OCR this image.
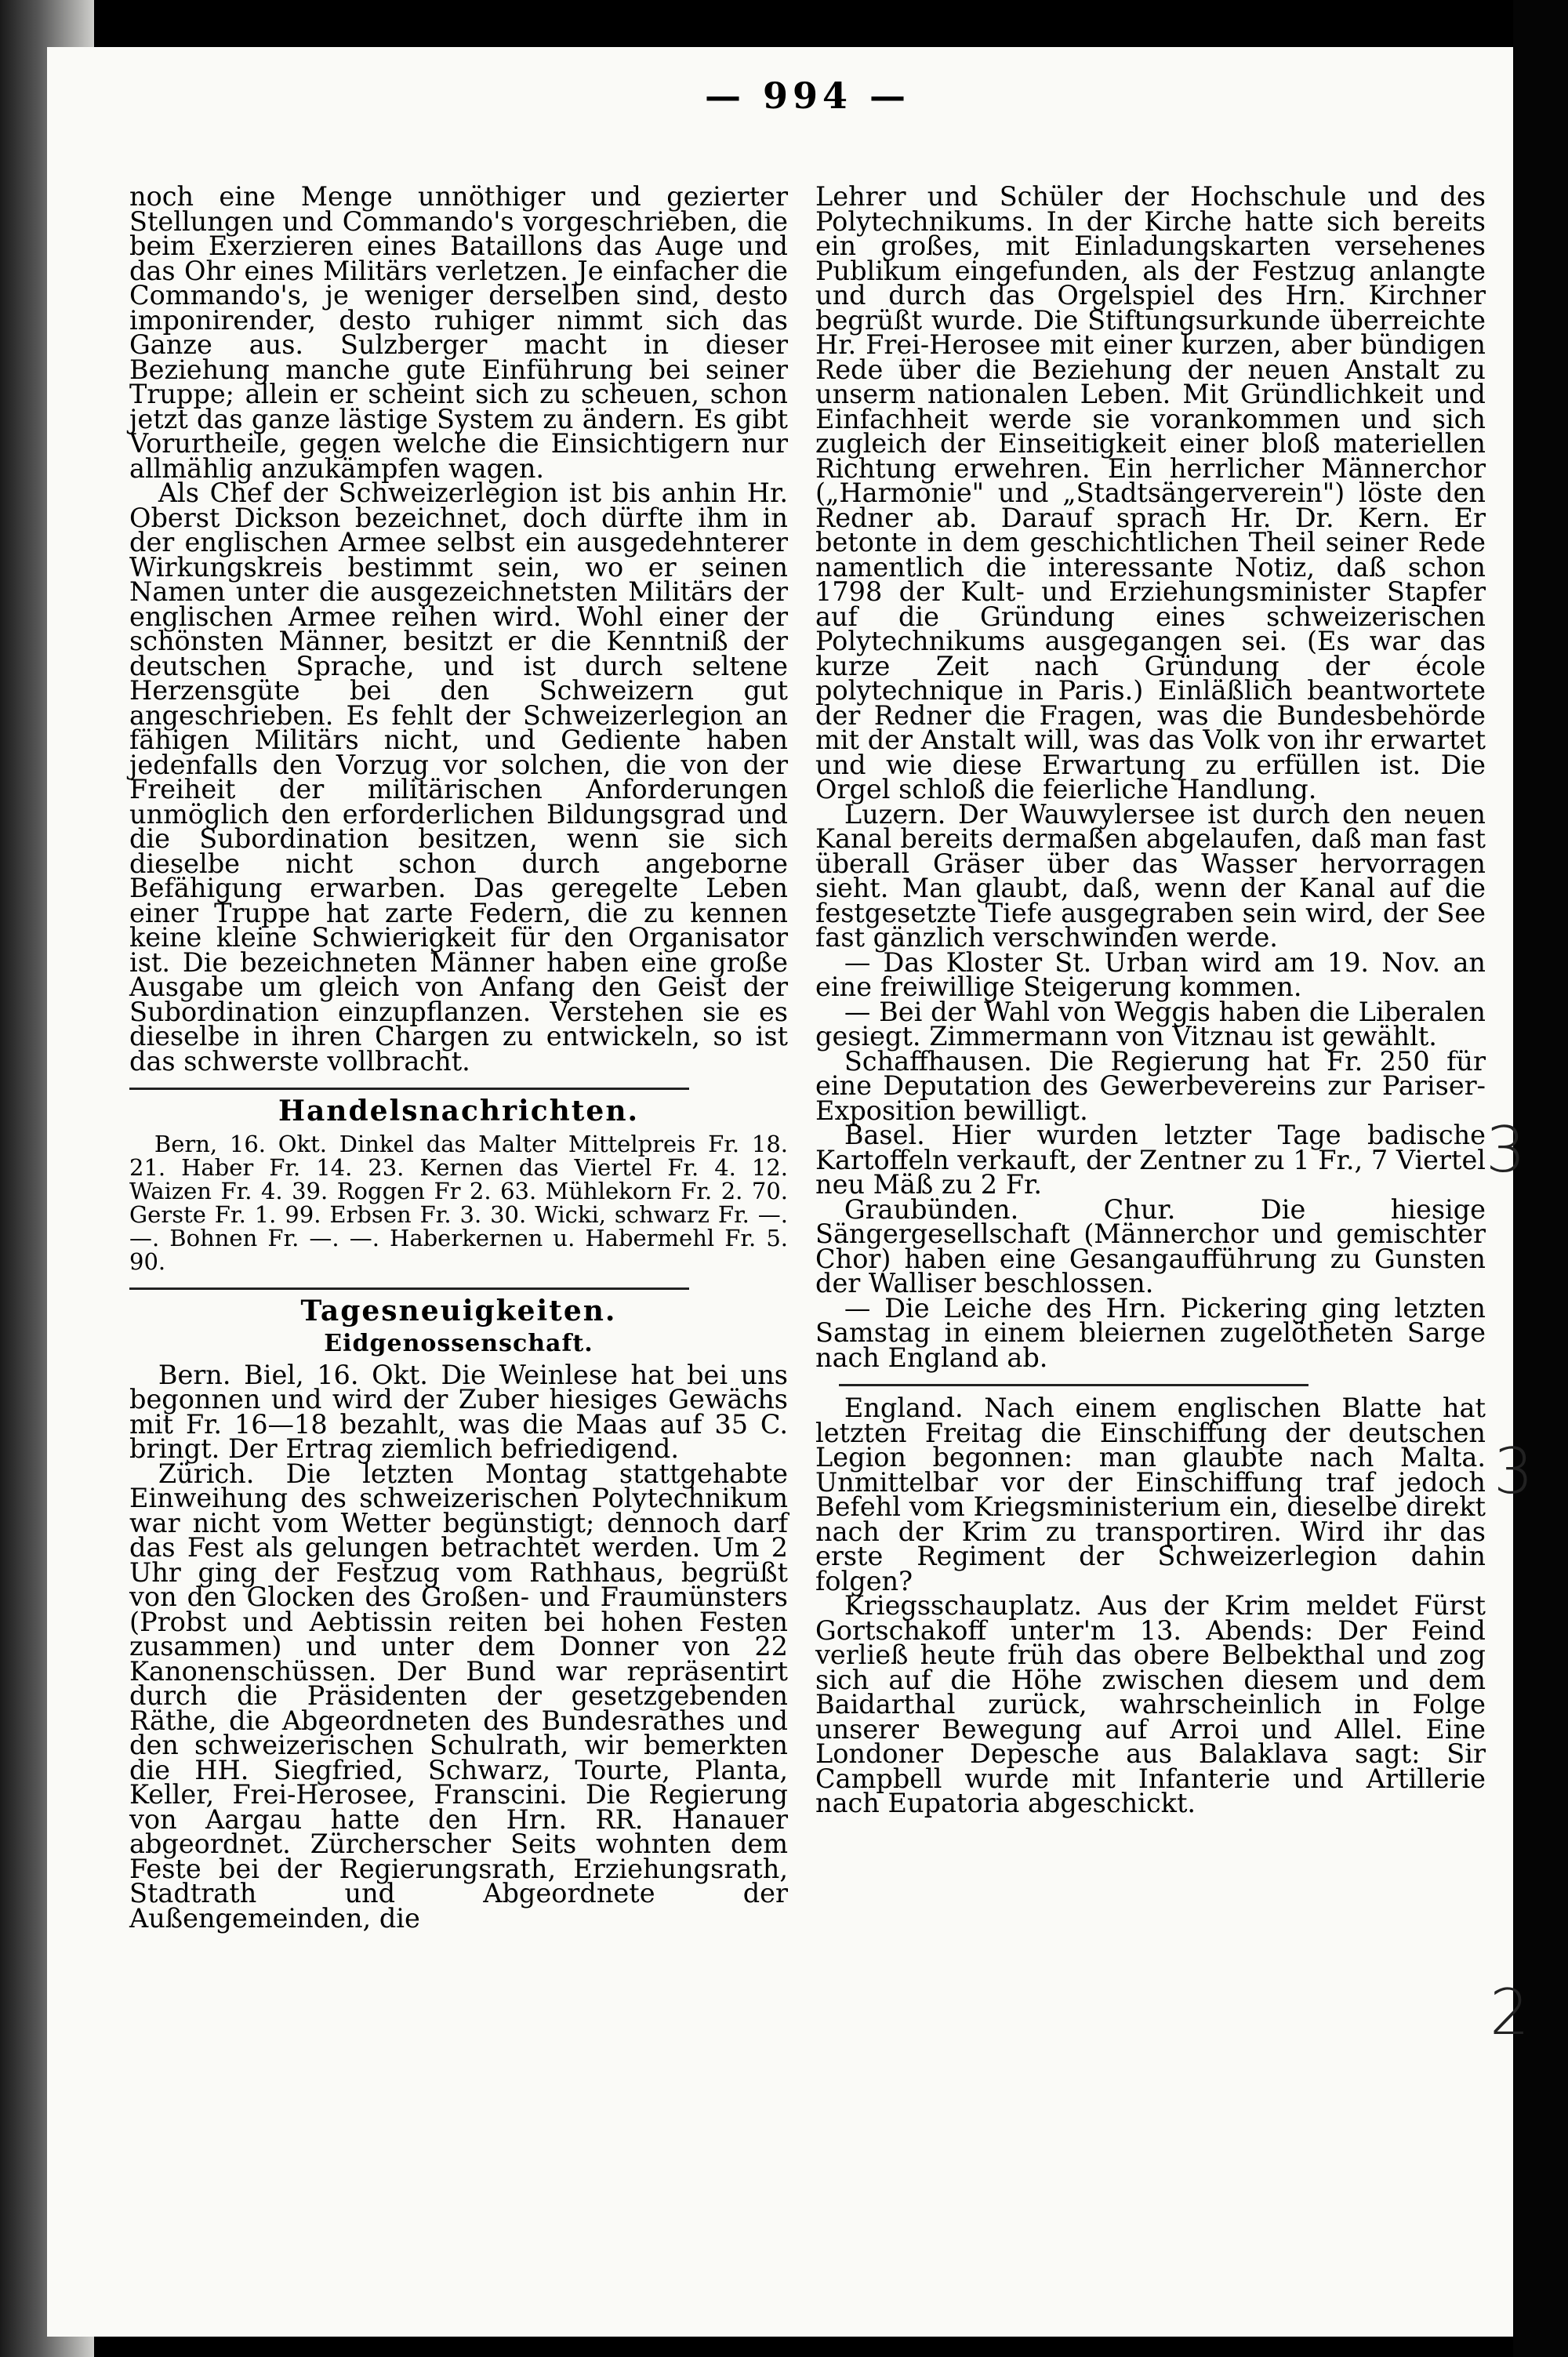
— 994 —

noch eine Menge unnöthiger und gezierter Stellungen und Commando's vorgeschrieben, die beim Exerzieren eines Bataillons das Auge und das Ohr eines Militärs verletzen. Je einfacher die Commando's, je weniger derselben sind, desto imponirender, desto ruhiger nimmt sich das Ganze aus. Sulzberger macht in dieser Beziehung manche gute Einführung bei seiner Truppe; allein er scheint sich zu scheuen, schon jetzt das ganze lästige System zu ändern. Es gibt Vorurtheile, gegen welche die Einsichtigern nur allmählig anzukämpfen wagen.

Als Chef der Schweizerlegion ist bis anhin Hr. Oberst Dickson bezeichnet, doch dürfte ihm in der englischen Armee selbst ein ausgedehnterer Wirkungskreis bestimmt sein, wo er seinen Namen unter die ausgezeichnetsten Militärs der englischen Armee reihen wird. Wohl einer der schönsten Männer, besitzt er die Kenntniß der deutschen Sprache, und ist durch seltene Herzensgüte bei den Schweizern gut angeschrieben. Es fehlt der Schweizerlegion an fähigen Militärs nicht, und Gediente haben jedenfalls den Vorzug vor solchen, die von der Freiheit der militärischen Anforderungen unmöglich den erforderlichen Bildungsgrad und die Subordination besitzen, wenn sie sich dieselbe nicht schon durch angeborne Befähigung erwarben. Das geregelte Leben einer Truppe hat zarte Federn, die zu kennen keine kleine Schwierigkeit für den Organisator ist. Die bezeichneten Männer haben eine große Ausgabe um gleich von Anfang den Geist der Subordination einzupflanzen. Verstehen sie es dieselbe in ihren Chargen zu entwickeln, so ist das schwerste vollbracht.

Handelsnachrichten.

Bern, 16. Okt. Dinkel das Malter Mittelpreis Fr. 18. 21. Haber Fr. 14. 23. Kernen das Viertel Fr. 4. 12. Waizen Fr. 4. 39. Roggen Fr 2. 63. Mühlekorn Fr. 2. 70. Gerste Fr. 1. 99. Erbsen Fr. 3. 30. Wicki, schwarz Fr. —. —. Bohnen Fr. —. —. Haberkernen u. Habermehl Fr. 5. 90.

Tagesneuigkeiten.
Eidgenossenschaft.

Bern. Biel, 16. Okt. Die Weinlese hat bei uns begonnen und wird der Zuber hiesiges Gewächs mit Fr. 16—18 bezahlt, was die Maas auf 35 C. bringt. Der Ertrag ziemlich befriedigend.

Zürich. Die letzten Montag stattgehabte Einweihung des schweizerischen Polytechnikum war nicht vom Wetter begünstigt; dennoch darf das Fest als gelungen betrachtet werden. Um 2 Uhr ging der Festzug vom Rathhaus, begrüßt von den Glocken des Großen- und Fraumünsters (Probst und Aebtissin reiten bei hohen Festen zusammen) und unter dem Donner von 22 Kanonenschüssen. Der Bund war repräsentirt durch die Präsidenten der gesetzgebenden Räthe, die Abgeordneten des Bundesrathes und den schweizerischen Schulrath, wir bemerkten die HH. Siegfried, Schwarz, Tourte, Planta, Keller, Frei-Herosee, Franscini. Die Regierung von Aargau hatte den Hrn. RR. Hanauer abgeordnet. Zürcherscher Seits wohnten dem Feste bei der Regierungsrath, Erziehungsrath, Stadtrath und Abgeordnete der Außengemeinden, die

Lehrer und Schüler der Hochschule und des Polytechnikums. In der Kirche hatte sich bereits ein großes, mit Einladungskarten versehenes Publikum eingefunden, als der Festzug anlangte und durch das Orgelspiel des Hrn. Kirchner begrüßt wurde. Die Stiftungsurkunde überreichte Hr. Frei-Herosee mit einer kurzen, aber bündigen Rede über die Beziehung der neuen Anstalt zu unserm nationalen Leben. Mit Gründlichkeit und Einfachheit werde sie vorankommen und sich zugleich der Einseitigkeit einer bloß materiellen Richtung erwehren. Ein herrlicher Männerchor („Harmonie" und „Stadtsängerverein") löste den Redner ab. Darauf sprach Hr. Dr. Kern. Er betonte in dem geschichtlichen Theil seiner Rede namentlich die interessante Notiz, daß schon 1798 der Kult- und Erziehungsminister Stapfer auf die Gründung eines schweizerischen Polytechnikums ausgegangen sei. (Es war das kurze Zeit nach Gründung der école polytechnique in Paris.) Einläßlich beantwortete der Redner die Fragen, was die Bundesbehörde mit der Anstalt will, was das Volk von ihr erwartet und wie diese Erwartung zu erfüllen ist. Die Orgel schloß die feierliche Handlung.

Luzern. Der Wauwylersee ist durch den neuen Kanal bereits dermaßen abgelaufen, daß man fast überall Gräser über das Wasser hervorragen sieht. Man glaubt, daß, wenn der Kanal auf die festgesetzte Tiefe ausgegraben sein wird, der See fast gänzlich verschwinden werde.

— Das Kloster St. Urban wird am 19. Nov. an eine freiwillige Steigerung kommen.

— Bei der Wahl von Weggis haben die Liberalen gesiegt. Zimmermann von Vitznau ist gewählt.

Schaffhausen. Die Regierung hat Fr. 250 für eine Deputation des Gewerbevereins zur Pariser-Exposition bewilligt.

Basel. Hier wurden letzter Tage badische Kartoffeln verkauft, der Zentner zu 1 Fr., 7 Viertel neu Mäß zu 2 Fr.

Graubünden. Chur. Die hiesige Sängergesellschaft (Männerchor und gemischter Chor) haben eine Gesangaufführung zu Gunsten der Walliser beschlossen.

— Die Leiche des Hrn. Pickering ging letzten Samstag in einem bleiernen zugelötheten Sarge nach England ab.

England. Nach einem englischen Blatte hat letzten Freitag die Einschiffung der deutschen Legion begonnen: man glaubte nach Malta. Unmittelbar vor der Einschiffung traf jedoch Befehl vom Kriegsministerium ein, dieselbe direkt nach der Krim zu transportiren. Wird ihr das erste Regiment der Schweizerlegion dahin folgen?

Kriegsschauplatz. Aus der Krim meldet Fürst Gortschakoff unter'm 13. Abends: Der Feind verließ heute früh das obere Belbekthal und zog sich auf die Höhe zwischen diesem und dem Baidarthal zurück, wahrscheinlich in Folge unserer Bewegung auf Arroi und Allel. Eine Londoner Depesche aus Balaklava sagt: Sir Campbell wurde mit Infanterie und Artillerie nach Eupatoria abgeschickt.

3
3
2
